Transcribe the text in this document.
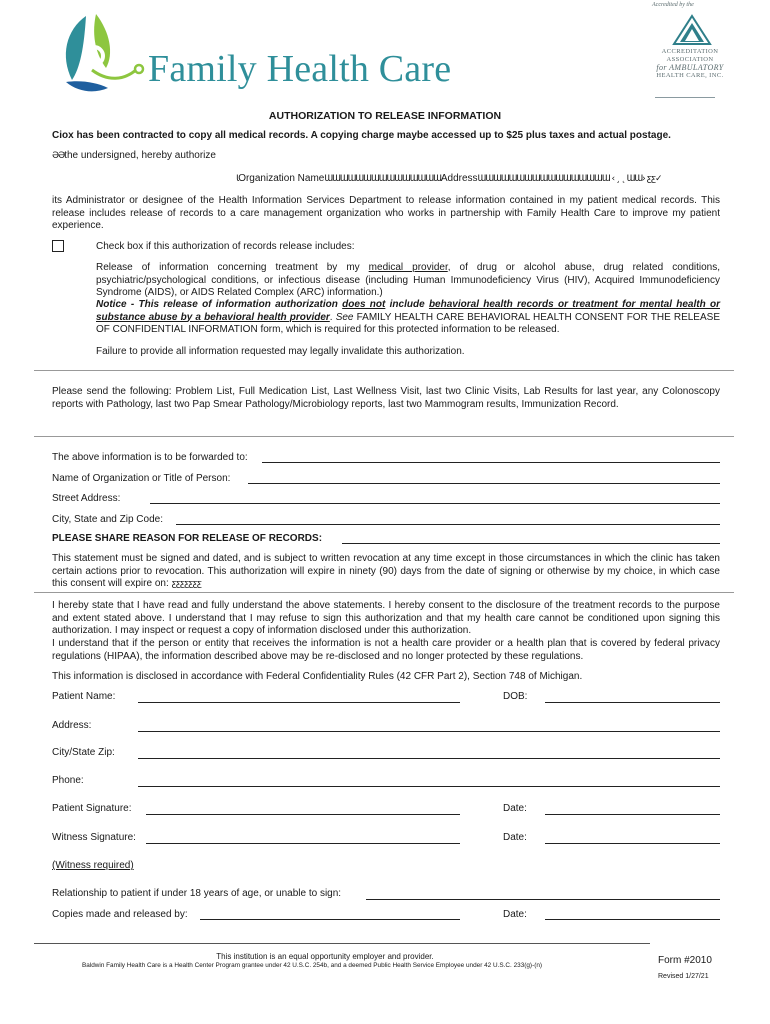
Family Health Care
Accredited by the
ACCREDITATION
ASSOCIATION
for AMBULATORY
HEALTH CARE, INC.
AUTHORIZATION TO RELEASE INFORMATION
Ciox has been contracted to copy all medical records. A copying charge maybe accessed up to $25 plus taxes and actual postage.
ƏƏthe undersigned, hereby authorize
ƖOrganization NameƜƜƜƜƜƜƜƜƜƜƜƜƜƜƜAddressƜƜƜƜƜƜƜƜƜƜƜƜƜƜƜƜƜ ‹ ¸ ˛ ƜƜ› ƹƹ✓
its Administrator or designee of the Health Information Services Department to release information contained in my patient medical records. This release includes release of records to a care management organization who works in partnership with Family Health Care to improve my patient experience.
Check box if this authorization of records release includes:
Release of information concerning treatment by my medical provider, of drug or alcohol abuse, drug related conditions, psychiatric/psychological conditions, or infectious disease (including Human Immunodeficiency Virus (HIV), Acquired Immunodeficiency Syndrome (AIDS), or AIDS Related Complex (ARC) information.)
Notice - This release of information authorization does not include behavioral health records or treatment for mental health or substance abuse by a behavioral health provider. See FAMILY HEALTH CARE BEHAVIORAL HEALTH CONSENT FOR THE RELEASE OF CONFIDENTIAL INFORMATION form, which is required for this protected information to be released.
Failure to provide all information requested may legally invalidate this authorization.
Please send the following: Problem List, Full Medication List, Last Wellness Visit, last two Clinic Visits, Lab Results for last year, any Colonoscopy reports with Pathology, last two Pap Smear Pathology/Microbiology reports, last two Mammogram results, Immunization Record.
The above information is to be forwarded to:
Name of Organization or Title of Person:
Street Address:
City, State and Zip Code:
PLEASE SHARE REASON FOR RELEASE OF RECORDS:
This statement must be signed and dated, and is subject to written revocation at any time except in those circumstances in which the clinic has taken certain actions prior to revocation. This authorization will expire in ninety (90) days from the date of signing or otherwise by my choice, in which case this consent will expire on: ƹƹƹƹƹƹƹ
I hereby state that I have read and fully understand the above statements. I hereby consent to the disclosure of the treatment records to the purpose and extent stated above. I understand that I may refuse to sign this authorization and that my health care cannot be conditioned upon signing this authorization. I may inspect or request a copy of information disclosed under this authorization.
I understand that if the person or entity that receives the information is not a health care provider or a health plan that is covered by federal privacy regulations (HIPAA), the information described above may be re-disclosed and no longer protected by these regulations.
This information is disclosed in accordance with Federal Confidentiality Rules (42 CFR Part 2), Section 748 of Michigan.
Patient Name:	DOB:
Address:
City/State Zip:
Phone:
Patient Signature:	Date:
Witness Signature:	Date:
(Witness required)
Relationship to patient if under 18 years of age, or unable to sign:
Copies made and released by:	Date:
This institution is an equal opportunity employer and provider.
Baldwin Family Health Care is a Health Center Program grantee under 42 U.S.C. 254b, and a deemed Public Health Service Employee under 42 U.S.C. 233(g)-(n)	Form #2010
Revised 1/27/21
